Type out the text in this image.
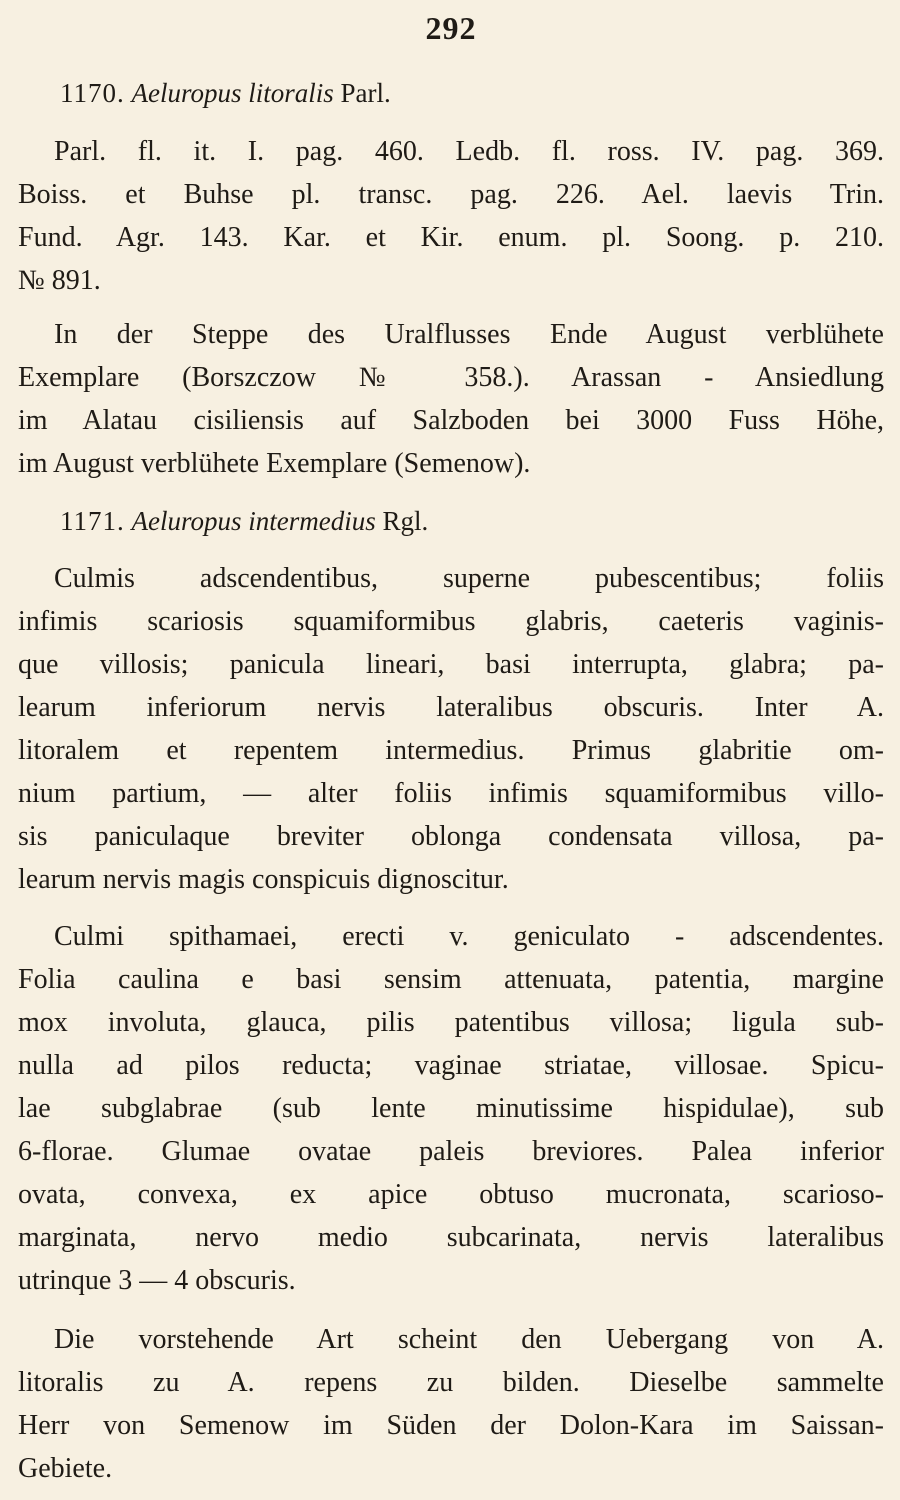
292
1170. Aeluropus litoralis Parl.
Parl. fl. it. I. pag. 460. Ledb. fl. ross. IV. pag. 369.
Boiss. et Buhse pl. transc. pag. 226. Ael. laevis Trin.
Fund. Agr. 143. Kar. et Kir. enum. pl. Soong. p. 210.
№ 891.
In der Steppe des Uralflusses Ende August verblühete
Exemplare (Borszczow № 358.). Arassan - Ansiedlung
im Alatau cisiliensis auf Salzboden bei 3000 Fuss Höhe,
im August verblühete Exemplare (Semenow).
1171. Aeluropus intermedius Rgl.
Culmis adscendentibus, superne pubescentibus; foliis
infimis scariosis squamiformibus glabris, caeteris vaginis-
que villosis; panicula lineari, basi interrupta, glabra; pa-
learum inferiorum nervis lateralibus obscuris. Inter A.
litoralem et repentem intermedius. Primus glabritie om-
nium partium, — alter foliis infimis squamiformibus villo-
sis paniculaque breviter oblonga condensata villosa, pa-
learum nervis magis conspicuis dignoscitur.
Culmi spithamaei, erecti v. geniculato - adscendentes.
Folia caulina e basi sensim attenuata, patentia, margine
mox involuta, glauca, pilis patentibus villosa; ligula sub-
nulla ad pilos reducta; vaginae striatae, villosae. Spicu-
lae subglabrae (sub lente minutissime hispidulae), sub
6-florae. Glumae ovatae paleis breviores. Palea inferior
ovata, convexa, ex apice obtuso mucronata, scarioso-
marginata, nervo medio subcarinata, nervis lateralibus
utrinque 3 — 4 obscuris.
Die vorstehende Art scheint den Uebergang von A.
litoralis zu A. repens zu bilden. Dieselbe sammelte
Herr von Semenow im Süden der Dolon-Kara im Saissan-
Gebiete.
